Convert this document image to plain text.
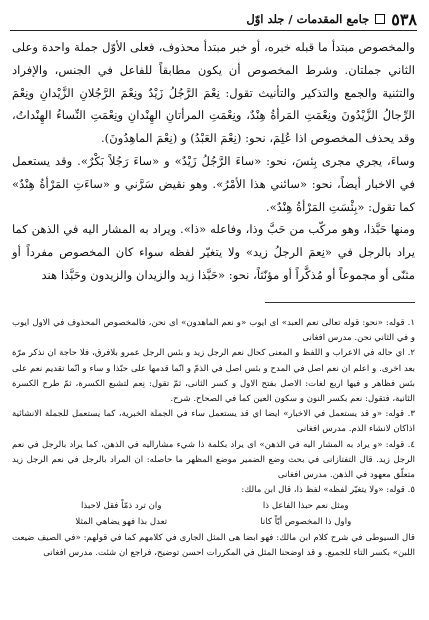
٥٣٨
جامع المقدمات / جلد اوّل

والمخصوص مبتدأ ما قبله خبره، أو خبر مبتدأ محذوف، فعلى الأوّل جملة واحدة وعلى الثاني جملتان. وشرط المخصوص أن يكون مطابقاً للفاعل في الجنس، والإفراد والتثنية والجمع والتذكير والتأنيث تقول: نِعْمَ الرَّجُلُ زَيْدٌ ونِعْمَ الرَّجُلانِ الزَّيْدانِ ونِعْمَ الرِّجالُ الزَّيْدُونَ ونِعْمَتِ المَرأةُ هِنْدٌ، ونِعْمَتِ المرأتانِ الهِنْدانِ ونِعْمَتِ النِّساءُ الهِنْداتُ، وقد يحذف المخصوص اذا عُلِمَ، نحو: (نِعْمَ العَبْدُ) و (نِعْمَ الماهِدُونَ).

وساءَ، يجري مجرى بِئسَ، نحو: «ساءَ الرَّجُلُ زَيْدٌ» و «ساءَ رَجُلاً بَكْرٌ». وقد يستعمل في الاخبار أيضاً، نحو: «سائني هذا الأمْرُ». وهو نقيض سَرَّني و «ساءَتِ المَرْأةُ هِنْدٌ» كما تقول: «بِئْسَتِ المَرْأةُ هِنْدٌ».

ومنها حَبَّذا، وهو مركّب من حَبَّ وذا، وفاعله «ذا». ويراد به المشار اليه في الذهن كما يراد بالرجل في «نِعمَ الرجلُ زيد» ولا يتغيّر لفظه سواء كان المخصوص مفرداً أو مثنّى أو مجموعاً أو مُذكَّراً أو مؤنّثاً، نحو: «حَبَّذا زيد والزيدان والزيدون وحَبَّذا هند

١. قوله: «نحو: قوله تعالى نعم العبد» اى ايوب «و نعم الماهدون» اى نحن، فالمخصوص المحذوف في الاول ايوب و في الثاني نحن. مدرس افغانى

٢. اي حاله في الاعراب و اللفظ و المعنى كحال نعم الرجل زيد و بئس الرجل عمرو بلافرق، فلا حاجة ان نذكر مرّة بعد اخرى. و اعلم ان نعم اصل في المدح و بئس اصل في الذمّ و انّما قدمها على حبّذا و ساء و انّما تقديم نعم على بئس فظاهر و فيها اربع لغات: الاصل بفتح الاول و كسر الثانى، ثمّ تقول: نِعم لتشبع الكسرة، ثمّ طرح الكسرة الثانية، فتقول: نعم بكسر النون و سكون العين كما في الصحاح. شرح.

٣. قوله: «و قد يستعمل في الاخبار» ايضا اي قد يستعمل ساء في الجملة الخبرية، كما يستعمل للجملة الانشائية اذاكان لانشاء الذم. مدرس افغانى

٤. قوله: «و يراد به المشار اليه في الذهن» اى يراد بكلمة ذا شيء مشاراليه في الذهن، كما يراد بالرجل في نعم الرجل زيد. قال التفتازانى في بحث وضع الضمير موضع المظهر ما حاصله: ان المراد بالرجل في نعم الرجل زيد متعلّق معهود في الذهن. مدرس افغانى

٥. قوله: «ولا يتغيّر لفظه» لفظ ذا، قال ابن مالك:

ومثل نعم حبذا الفاعل ذا
وان ترد ذمّاً فقل لاحبذا
واول ذا المخصوص أيّاً كانا
تعدل بذا فهو يضاهي المثلا

قال السيوطى في شرح كلام ابن مالك: فهو ابضا هى المثل الجارى في كلامهم كما في قولهم: «في الصيف ضيعت اللبن» بكسر التاء للجميع. و قد اوضحنا المثل في المكررات احسن توضيح، فراجع ان شئت. مدرس افغانى
